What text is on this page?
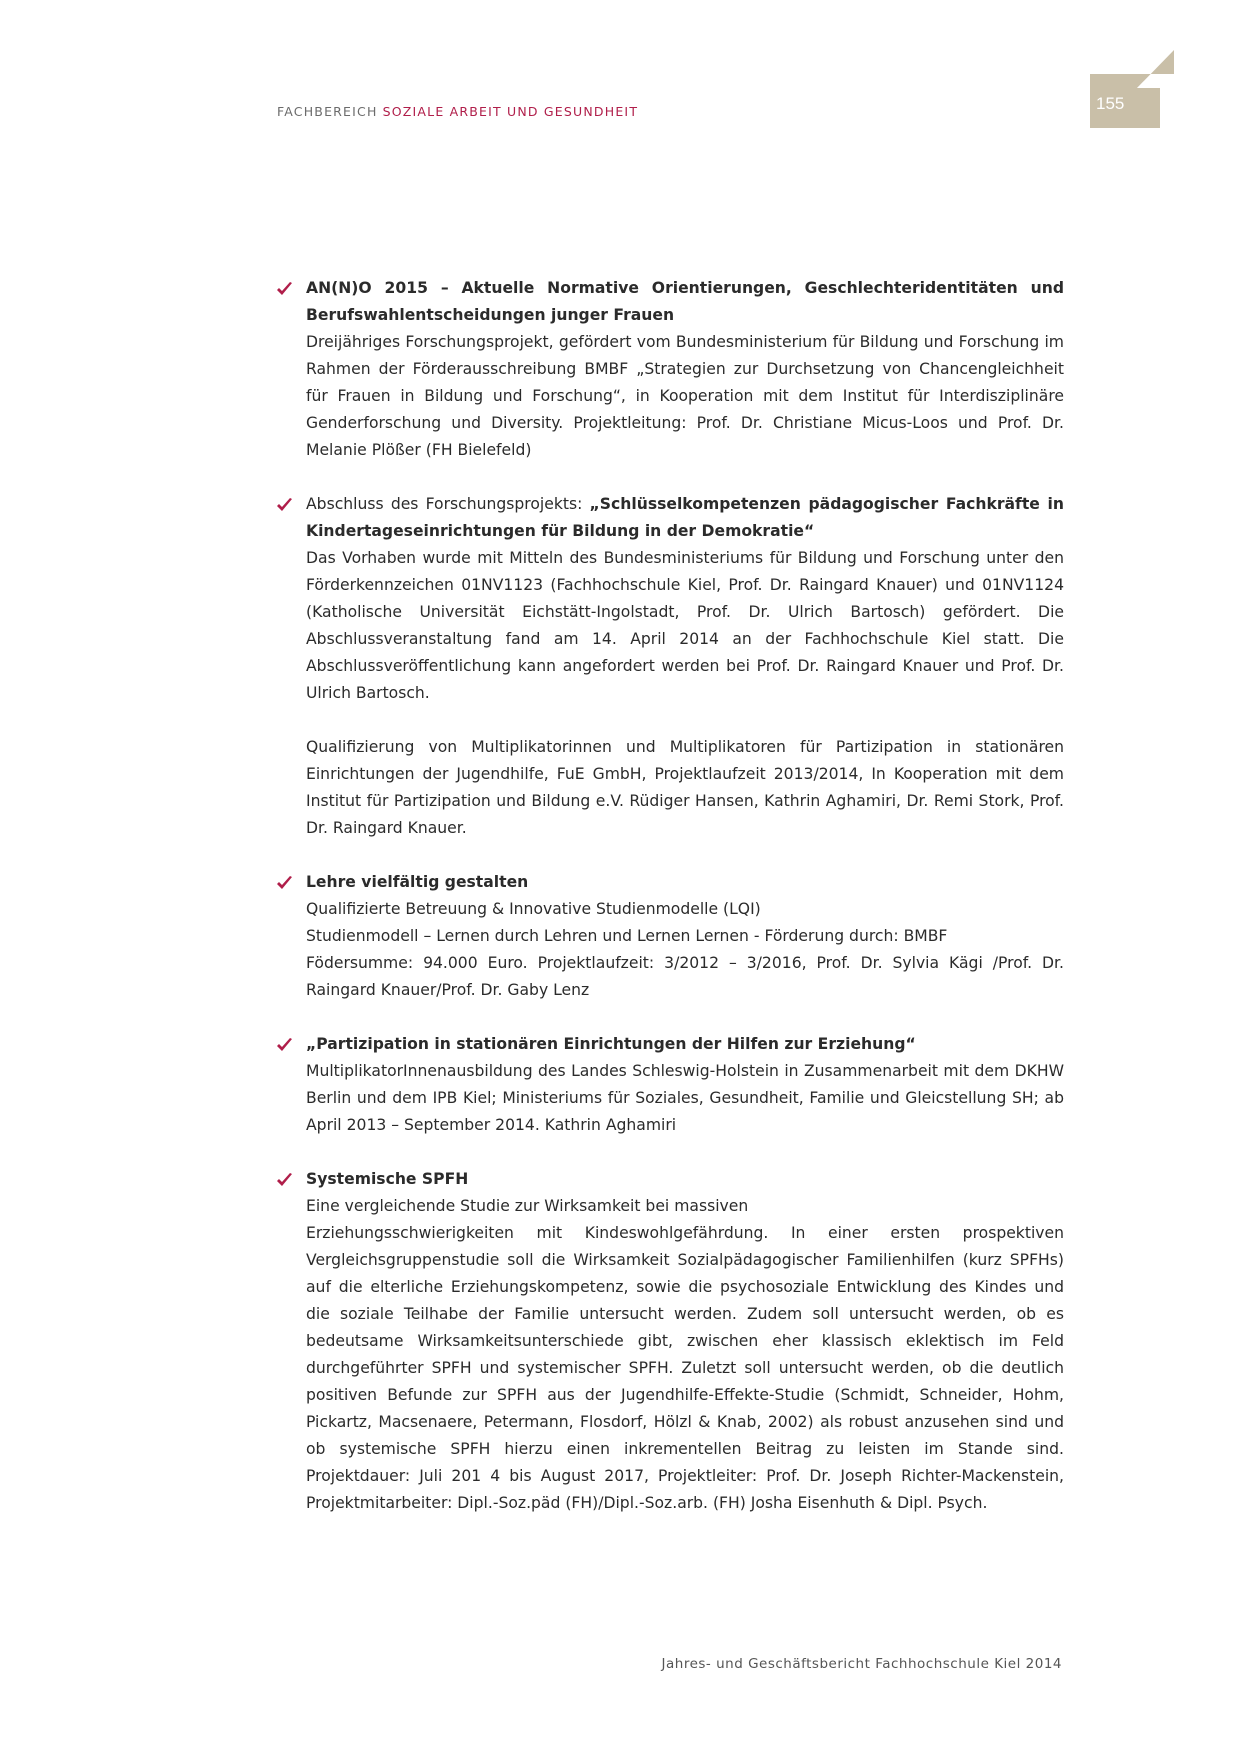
FACHBEREICH SOZIALE ARBEIT UND GESUNDHEIT	155
AN(N)O 2015 – Aktuelle Normative Orientierungen, Geschlechteridentitäten und Berufswahlentscheidungen junger Frauen

Dreijähriges Forschungsprojekt, gefördert vom Bundesministerium für Bildung und Forschung im Rahmen der Förderausschreibung BMBF „Strategien zur Durchsetzung von Chancengleichheit für Frauen in Bildung und Forschung“, in Kooperation mit dem Institut für Interdisziplinäre Genderforschung und Diversity. Projektleitung: Prof. Dr. Christiane Micus-Loos und Prof. Dr. Melanie Plößer (FH Bielefeld)

Abschluss des Forschungsprojekts: „Schlüsselkompetenzen pädagogischer Fachkräfte in Kindertageseinrichtungen für Bildung in der Demokratie“

Das Vorhaben wurde mit Mitteln des Bundesministeriums für Bildung und Forschung unter den Förderkennzeichen 01NV1123 (Fachhochschule Kiel, Prof. Dr. Raingard Knauer) und 01NV1124 (Katholische Universität Eichstätt-Ingolstadt, Prof. Dr. Ulrich Bartosch) gefördert. Die Abschlussveranstaltung fand am 14. April 2014 an der Fachhochschule Kiel statt. Die Abschlussveröffentlichung kann angefordert werden bei Prof. Dr. Raingard Knauer und Prof. Dr. Ulrich Bartosch.

Qualifizierung von Multiplikatorinnen und Multiplikatoren für Partizipation in stationären Einrichtungen der Jugendhilfe, FuE GmbH, Projektlaufzeit 2013/2014, In Kooperation mit dem Institut für Partizipation und Bildung e.V. Rüdiger Hansen, Kathrin Aghamiri, Dr. Remi Stork, Prof. Dr. Raingard Knauer.

Lehre vielfältig gestalten
Qualifizierte Betreuung & Innovative Studienmodelle (LQI)
Studienmodell – Lernen durch Lehren und Lernen Lernen - Förderung durch: BMBF

Födersumme: 94.000 Euro. Projektlaufzeit: 3/2012 – 3/2016, Prof. Dr. Sylvia Kägi /Prof. Dr. Raingard Knauer/Prof. Dr. Gaby Lenz

„Partizipation in stationären Einrichtungen der Hilfen zur Erziehung“

MultiplikatorInnenausbildung des Landes Schleswig-Holstein in Zusammenarbeit mit dem DKHW Berlin und dem IPB Kiel; Ministeriums für Soziales, Gesundheit, Familie und Gleicstellung SH; ab April 2013 – September 2014. Kathrin Aghamiri

Systemische SPFH
Eine vergleichende Studie zur Wirksamkeit bei massiven

Erziehungsschwierigkeiten mit Kindeswohlgefährdung. In einer ersten prospektiven Vergleichsgruppenstudie soll die Wirksamkeit Sozialpädagogischer Familienhilfen (kurz SPFHs) auf die elterliche Erziehungskompetenz, sowie die psychosoziale Entwicklung des Kindes und die soziale Teilhabe der Familie untersucht werden. Zudem soll untersucht werden, ob es bedeutsame Wirksamkeitsunterschiede gibt, zwischen eher klassisch eklektisch im Feld durchgeführter SPFH und systemischer SPFH. Zuletzt soll untersucht werden, ob die deutlich positiven Befunde zur SPFH aus der Jugendhilfe-Effekte-Studie (Schmidt, Schneider, Hohm, Pickartz, Macsenaere, Petermann, Flosdorf, Hölzl & Knab, 2002) als robust anzusehen sind und ob systemische SPFH hierzu einen inkrementellen Beitrag zu leisten im Stande sind. Projektdauer: Juli 201 4 bis August 2017, Projektleiter: Prof. Dr. Joseph Richter-Mackenstein, Projektmitarbeiter: Dipl.-Soz.päd (FH)/Dipl.-Soz.arb. (FH) Josha Eisenhuth & Dipl. Psych.

Jahres- und Geschäftsbericht Fachhochschule Kiel 2014
